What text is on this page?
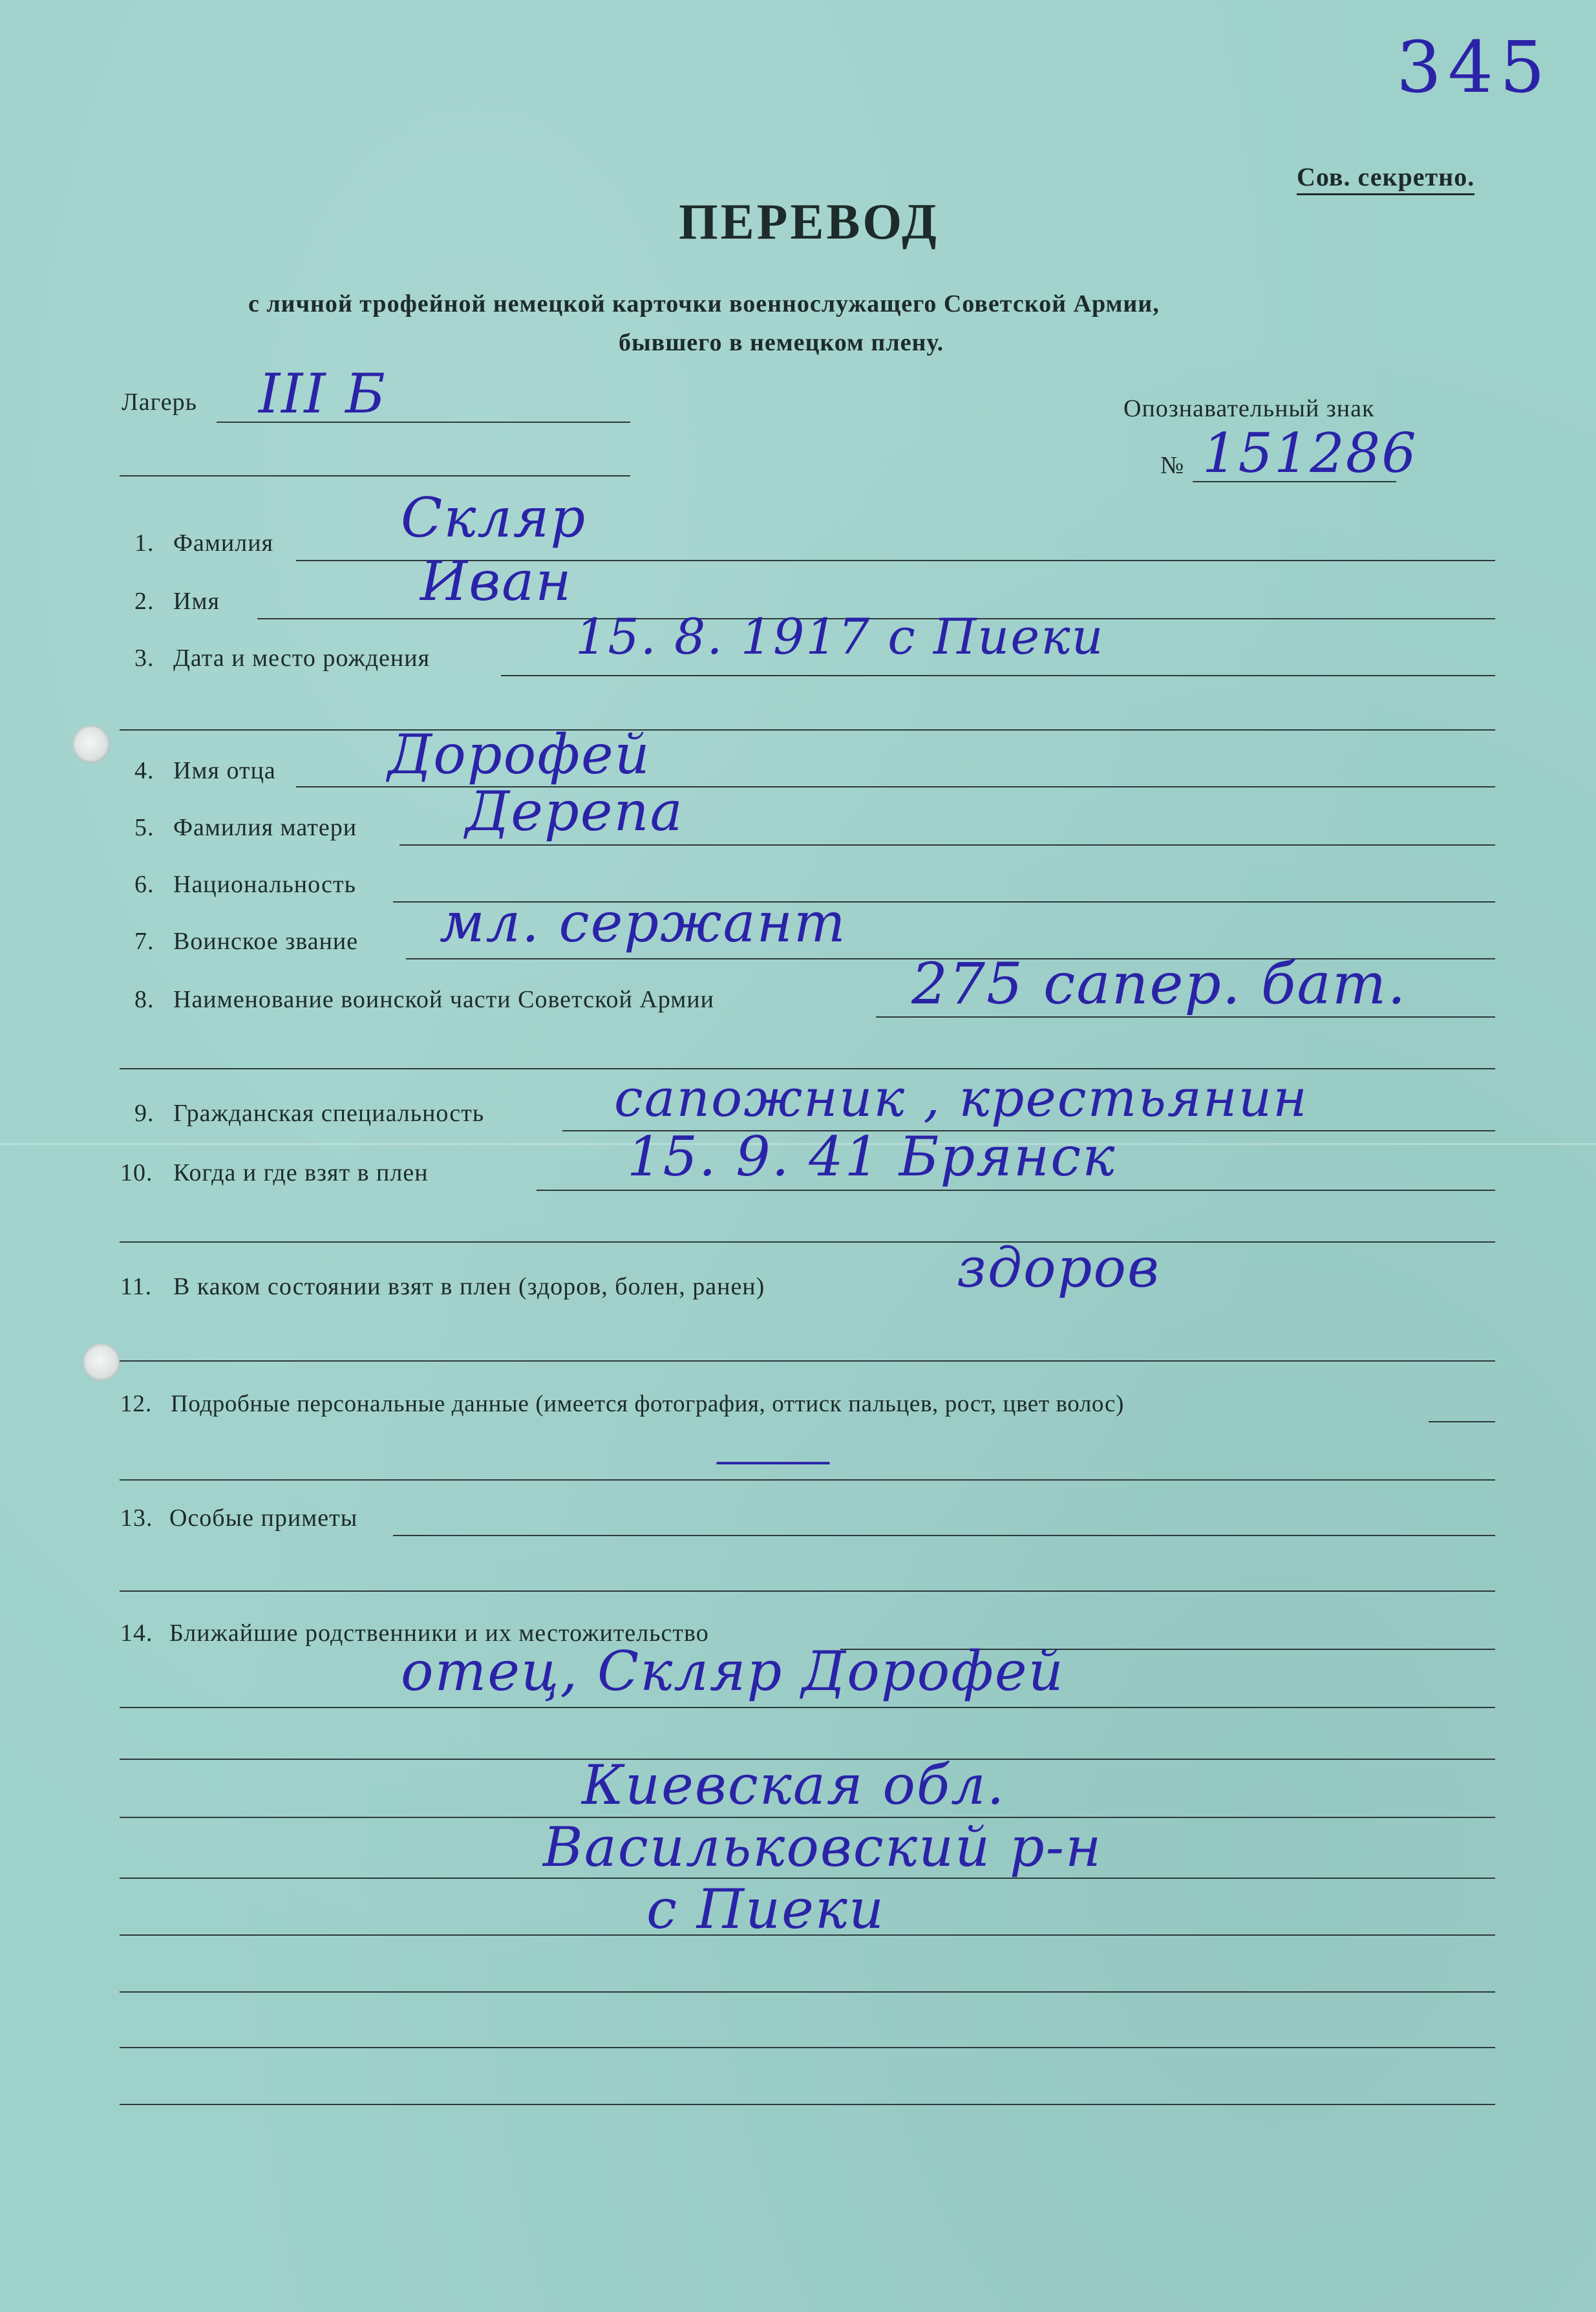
345
Сов. секретно.
ПЕРЕВОД
с личной трофейной немецкой карточки военнослужащего Советской Армии,
бывшего в немецком плену.
Лагерь III Б	Опознавательный знак
№ 151286
1. Фамилия Скляр
2. Имя	Иван
3. Дата и место рождения	15. 8. 1917 с Пиеки
4. Имя отца Дорофей
5. Фамилия матери Дерепа
6. Национальность
7. Воинское звание мл. сержант
8. Наименование воинской части Советской Армии	275 сапер. бат.
9. Гражданская специальность	сапожник , крестьянин
10. Когда и где взят в плен	15. 9. 41 Брянск
11. В каком состоянии взят в плен (здоров, болен, ранен)	здоров
12. Подробные персональные данные (имеется фотография, оттиск пальцев, рост, цвет волос)
—
13. Особые приметы
14. Ближайшие родственники и их местожительство
отец, Скляр Дорофей
Киевская обл.
Васильковский р-н
с Пиеки
